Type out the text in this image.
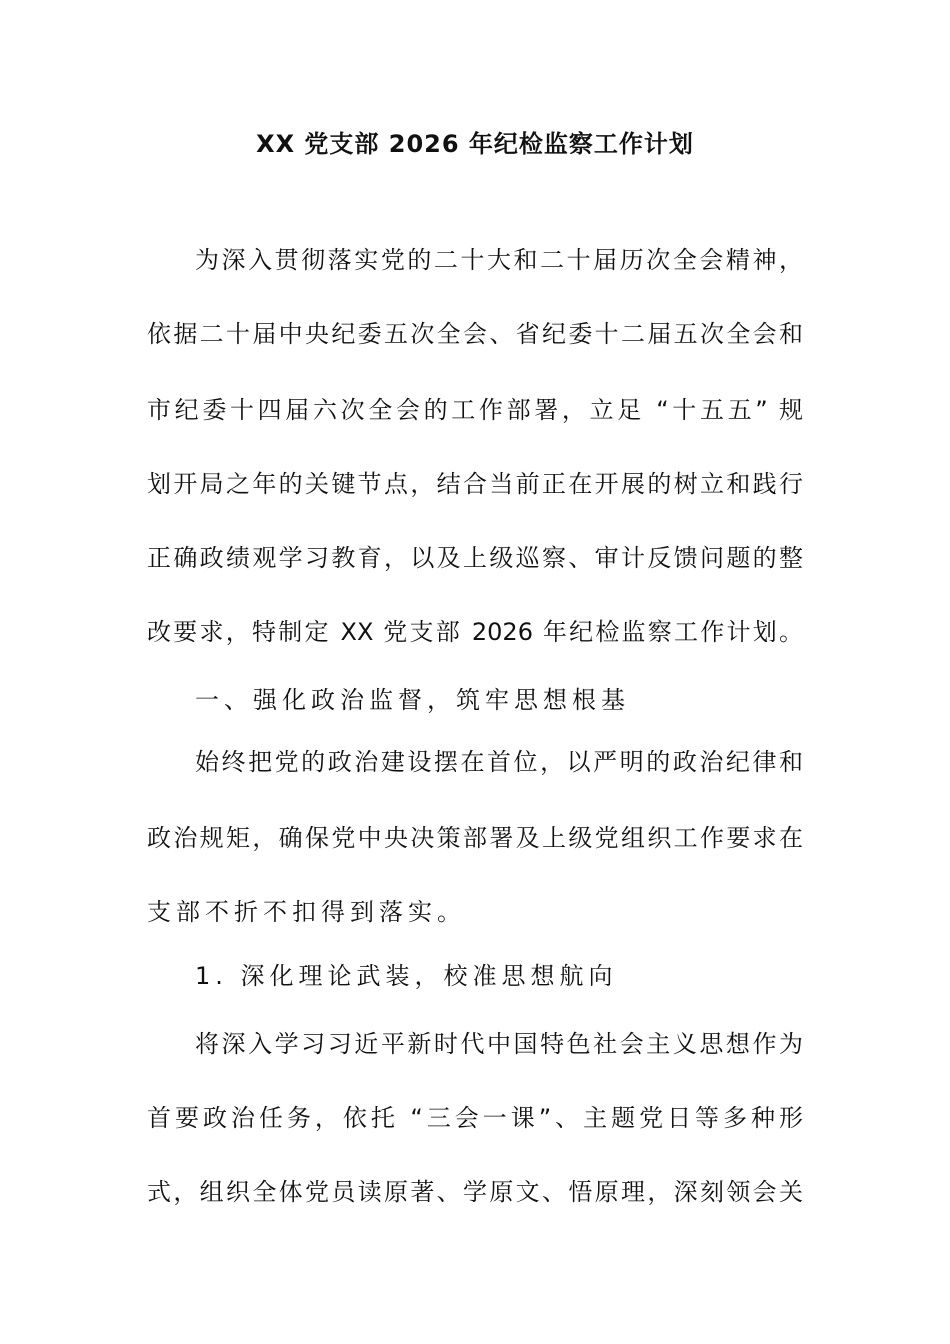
XX 党支部 2026 年纪检监察工作计划
为深入贯彻落实党的二十大和二十届历次全会精神，
依据二十届中央纪委五次全会、省纪委十二届五次全会和
市纪委十四届六次全会的工作部署，立足 “十五五” 规
划开局之年的关键节点，结合当前正在开展的树立和践行
正确政绩观学习教育，以及上级巡察、审计反馈问题的整
改要求，特制定 XX 党支部 2026 年纪检监察工作计划。
一、强化政治监督，筑牢思想根基
始终把党的政治建设摆在首位，以严明的政治纪律和
政治规矩，确保党中央决策部署及上级党组织工作要求在
支部不折不扣得到落实。
1. 深化理论武装，校准思想航向
将深入学习习近平新时代中国特色社会主义思想作为
首要政治任务，依托 “三会一课”、主题党日等多种形
式，组织全体党员读原著、学原文、悟原理，深刻领会关
